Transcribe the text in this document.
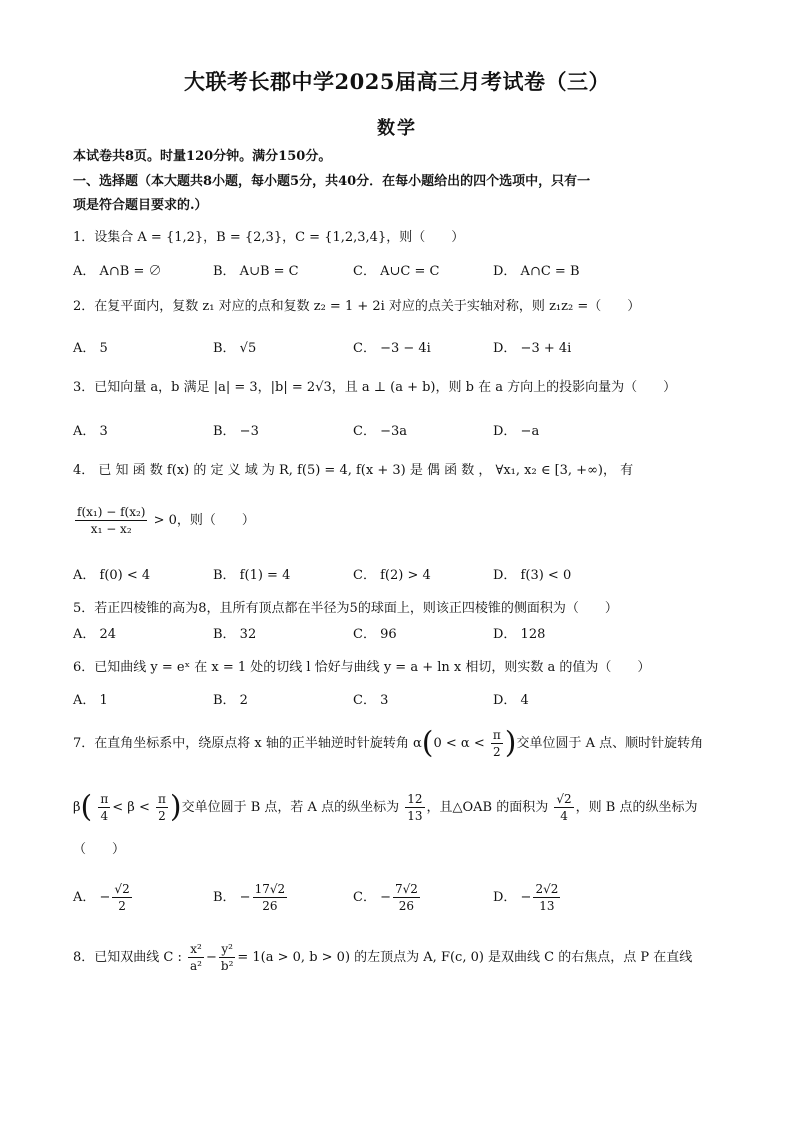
大联考长郡中学2025届高三月考试卷（三）
数学
本试卷共8页。时量120分钟。满分150分。
一、选择题（本大题共8小题，每小题5分，共40分．在每小题给出的四个选项中，只有一
项是符合题目要求的.）
1．设集合 A = {1,2}，B = {2,3}，C = {1,2,3,4}，则（　　）
A． A∩B = ∅	B． A∪B = C	C． A∪C = C	D． A∩C = B
2．在复平面内，复数 z₁ 对应的点和复数 z₂ = 1 + 2i 对应的点关于实轴对称，则 z₁z₂ =（　　）
A． 5	B． √5	C． −3 − 4i	D． −3 + 4i
3．已知向量 a，b 满足 |a| = 3，|b| = 2√3，且 a ⊥ (a + b)，则 b 在 a 方向上的投影向量为（　　）
A． 3	B． −3	C． −3a	D． −a
4． 已 知 函 数 f(x) 的 定 义 域 为 R, f(5) = 4, f(x + 3) 是 偶 函 数 ， ∀x₁, x₂ ∈ [3, +∞)， 有
$\frac{\text{f(x₁) − f(x₂)}}{\text{x₁ − x₂}} > 0$，则（　　）
A． f(0) < 4	B． f(1) = 4	C． f(2) > 4	D． f(3) < 0
5．若正四棱锥的高为8，且所有顶点都在半径为5的球面上，则该正四棱锥的侧面积为（　　）
A． 24	B． 32	C． 96	D． 128
6．已知曲线 y = eˣ 在 x = 1 处的切线 l 恰好与曲线 y = a + ln x 相切，则实数 a 的值为（　　）
A． 1	B． 2	C． 3	D． 4
7．在直角坐标系中，绕原点将 x 轴的正半轴逆时针旋转角 $\alpha(0 < \alpha < \frac{\pi}{2}$ )交单位圆于 A 点、顺时针旋转角
$\beta( \frac{\pi}{4} < \beta < \frac{\pi}{2}$ )交单位圆于 B 点，若 A 点的纵坐标为 $\frac{12}{13}$ ，且△OAB 的面积为 $\frac{√2}{4}$ ，则 B 点的纵坐标为
（　　）
A． − $\frac{√2}{2}$	B． − $\frac{17√2}{26}$	C． − $\frac{7√2}{26}$	D． − $\frac{2√2}{13}$
8．已知双曲线 C : $\frac{\text{x²}}{\text{a²}} - \frac{\text{y²}}{\text{b²}} = 1(a > 0$, b > 0) 的左顶点为 A, F(c, 0) 是双曲线 C 的右焦点，点 P 在直线
